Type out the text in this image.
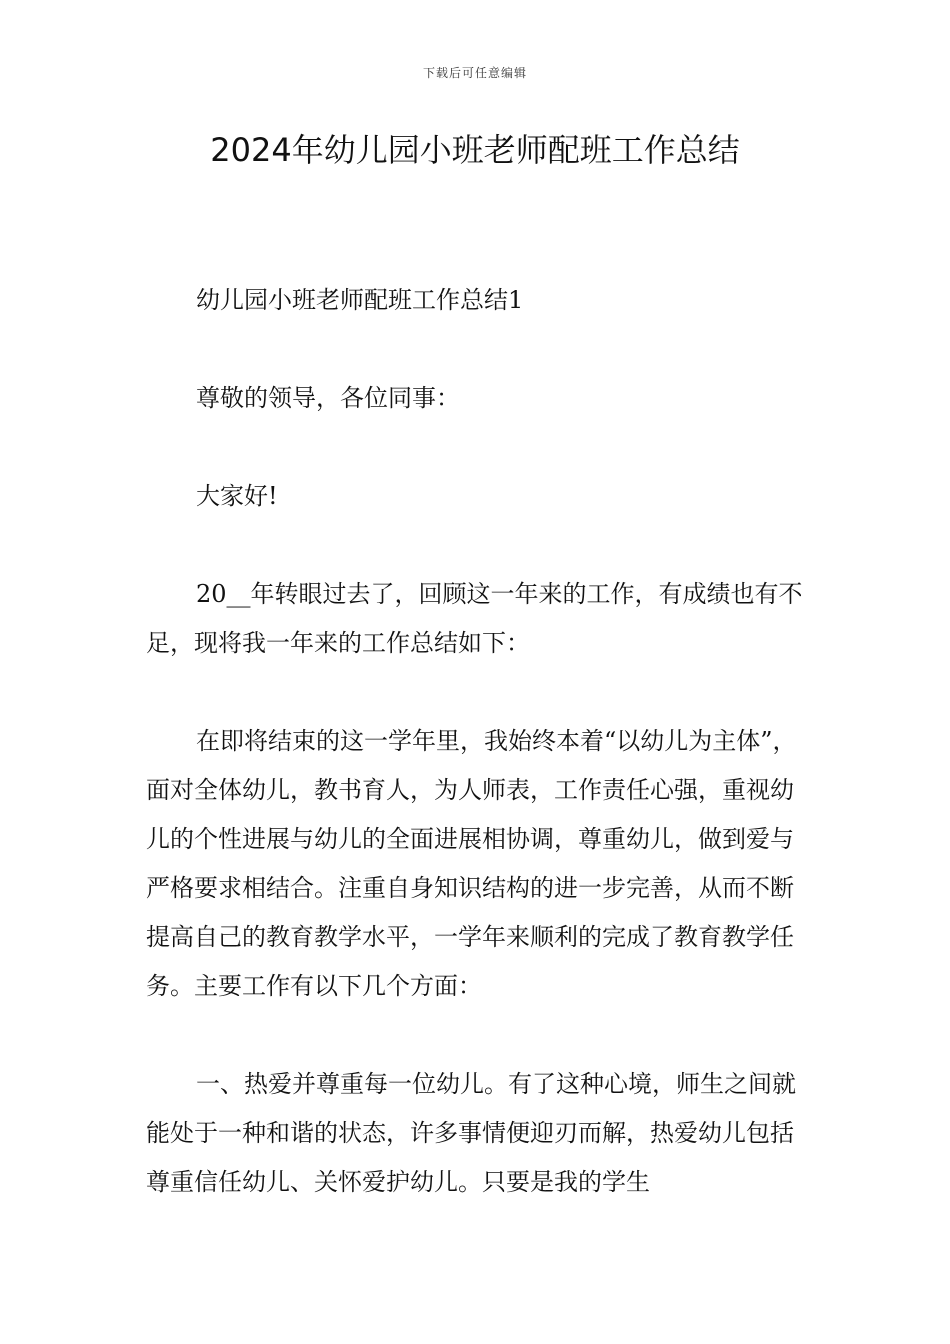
下载后可任意编辑
2024年幼儿园小班老师配班工作总结

幼儿园小班老师配班工作总结1

尊敬的领导，各位同事：

大家好!

20__年转眼过去了，回顾这一年来的工作，有成绩也有不足，现将我一年来的工作总结如下：

在即将结束的这一学年里，我始终本着“以幼儿为主体”，面对全体幼儿，教书育人，为人师表，工作责任心强，重视幼儿的个性进展与幼儿的全面进展相协调，尊重幼儿，做到爱与严格要求相结合。注重自身知识结构的进一步完善，从而不断提高自己的教育教学水平，一学年来顺利的完成了教育教学任务。主要工作有以下几个方面：

一、热爱并尊重每一位幼儿。有了这种心境，师生之间就能处于一种和谐的状态，许多事情便迎刃而解，热爱幼儿包括尊重信任幼儿、关怀爱护幼儿。只要是我的学生
